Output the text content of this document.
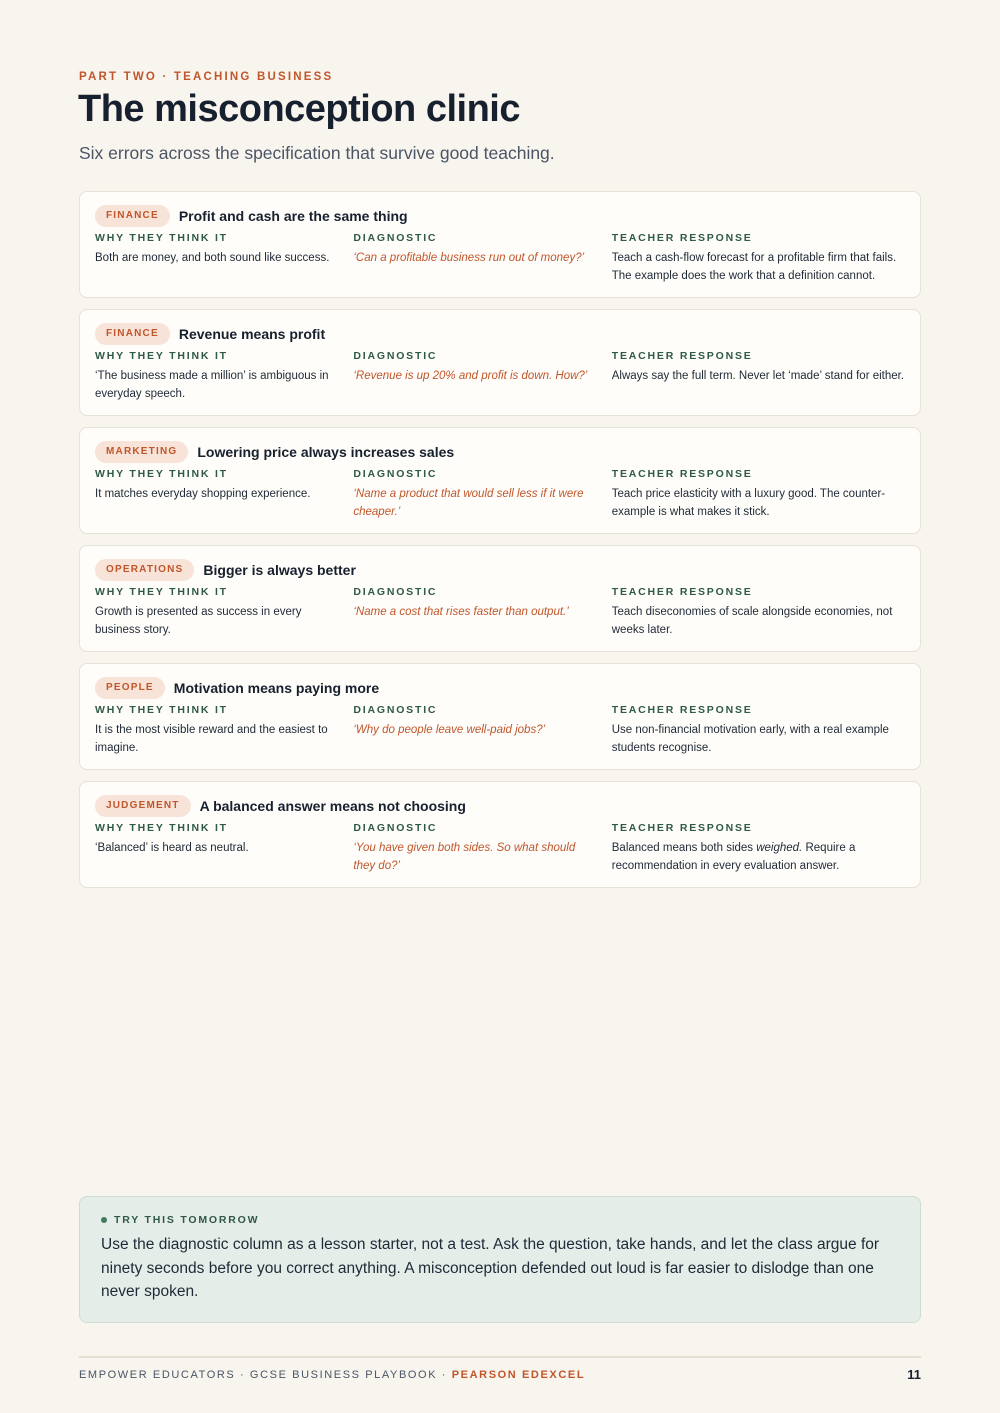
PART TWO · TEACHING BUSINESS
The misconception clinic

Six errors across the specification that survive good teaching.

FINANCE	Profit and cash are the same thing
WHY THEY THINK IT
Both are money, and both sound like success.
DIAGNOSTIC
‘Can a profitable business run out of money?’
TEACHER RESPONSE
Teach a cash-flow forecast for a profitable firm that fails. The example does the work that a definition cannot.
FINANCE	Revenue means profit
WHY THEY THINK IT
‘The business made a million’ is ambiguous in everyday speech.
DIAGNOSTIC
‘Revenue is up 20% and profit is down. How?’
TEACHER RESPONSE
Always say the full term. Never let ‘made’ stand for either.
MARKETING	Lowering price always increases sales
WHY THEY THINK IT
It matches everyday shopping experience.
DIAGNOSTIC
‘Name a product that would sell less if it were cheaper.’
TEACHER RESPONSE
Teach price elasticity with a luxury good. The counter-example is what makes it stick.
OPERATIONS	Bigger is always better
WHY THEY THINK IT
Growth is presented as success in every business story.
DIAGNOSTIC
‘Name a cost that rises faster than output.’
TEACHER RESPONSE
Teach diseconomies of scale alongside economies, not weeks later.
PEOPLE	Motivation means paying more
WHY THEY THINK IT
It is the most visible reward and the easiest to imagine.
DIAGNOSTIC
‘Why do people leave well-paid jobs?’
TEACHER RESPONSE
Use non-financial motivation early, with a real example students recognise.
JUDGEMENT	A balanced answer means not choosing
WHY THEY THINK IT
‘Balanced’ is heard as neutral.
DIAGNOSTIC
‘You have given both sides. So what should they do?’
TEACHER RESPONSE
Balanced means both sides weighed. Require a recommendation in every evaluation answer.
TRY THIS TOMORROW

Use the diagnostic column as a lesson starter, not a test. Ask the question, take hands, and let the class argue for ninety seconds before you correct anything. A misconception defended out loud is far easier to dislodge than one never spoken.

EMPOWER EDUCATORS · GCSE BUSINESS PLAYBOOK · PEARSON EDEXCEL	11
